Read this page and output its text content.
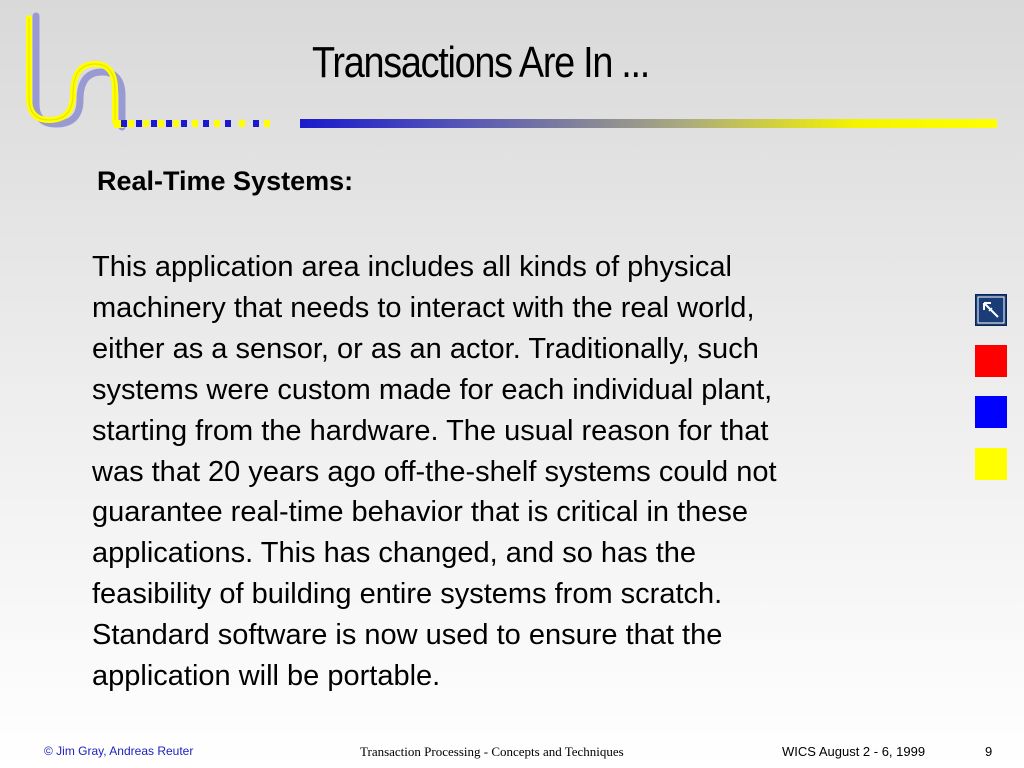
Transactions Are In ...
Real-Time Systems:
This application area includes all kinds of physical
machinery that needs to interact with the real world,
either as a sensor, or as an actor. Traditionally, such
systems were custom made for each individual plant,
starting from the hardware. The usual reason for that
was that 20 years ago off-the-shelf systems could not
guarantee real-time behavior that is critical in these
applications. This has changed, and so has the
feasibility of building entire systems from scratch.
Standard software is now used to ensure that the
application will be portable.
© Jim Gray, Andreas Reuter	Transaction Processing - Concepts and Techniques	WICS August 2 - 6, 1999	9
